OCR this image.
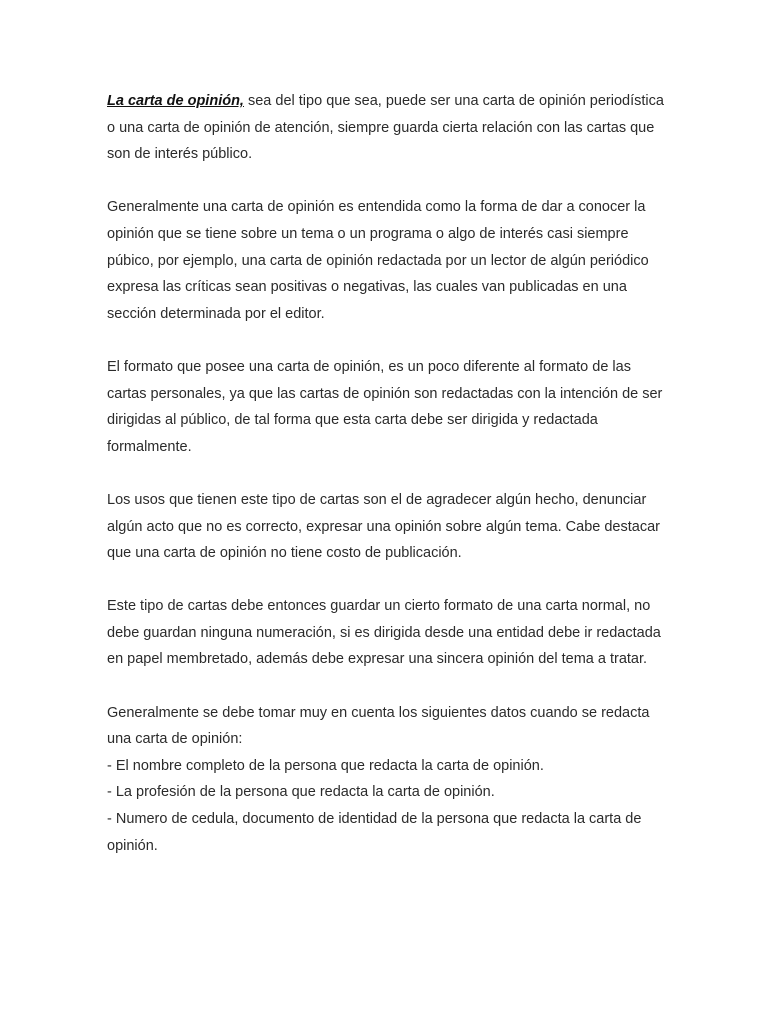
La carta de opinión, sea del tipo que sea, puede ser una carta de opinión periodística o una carta de opinión de atención, siempre guarda cierta relación con las cartas que son de interés público.

Generalmente una carta de opinión es entendida como la forma de dar a conocer la opinión que se tiene sobre un tema o un programa o algo de interés casi siempre púbico, por ejemplo, una carta de opinión redactada por un lector de algún periódico expresa las críticas sean positivas o negativas, las cuales van publicadas en una sección determinada por el editor.

El formato que posee una carta de opinión, es un poco diferente al formato de las cartas personales, ya que las cartas de opinión son redactadas con la intención de ser dirigidas al público, de tal forma que esta carta debe ser dirigida y redactada formalmente.

Los usos que tienen este tipo de cartas son el de agradecer algún hecho, denunciar algún acto que no es correcto, expresar una opinión sobre algún tema. Cabe destacar que una carta de opinión no tiene costo de publicación.

Este tipo de cartas debe entonces guardar un cierto formato de una carta normal, no debe guardan ninguna numeración, si es dirigida desde una entidad debe ir redactada en papel membretado, además debe expresar una sincera opinión del tema a tratar.

Generalmente se debe tomar muy en cuenta los siguientes datos cuando se redacta una carta de opinión:

- El nombre completo de la persona que redacta la carta de opinión.
- La profesión de la persona que redacta la carta de opinión.
- Numero de cedula, documento de identidad de la persona que redacta la carta de opinión.
